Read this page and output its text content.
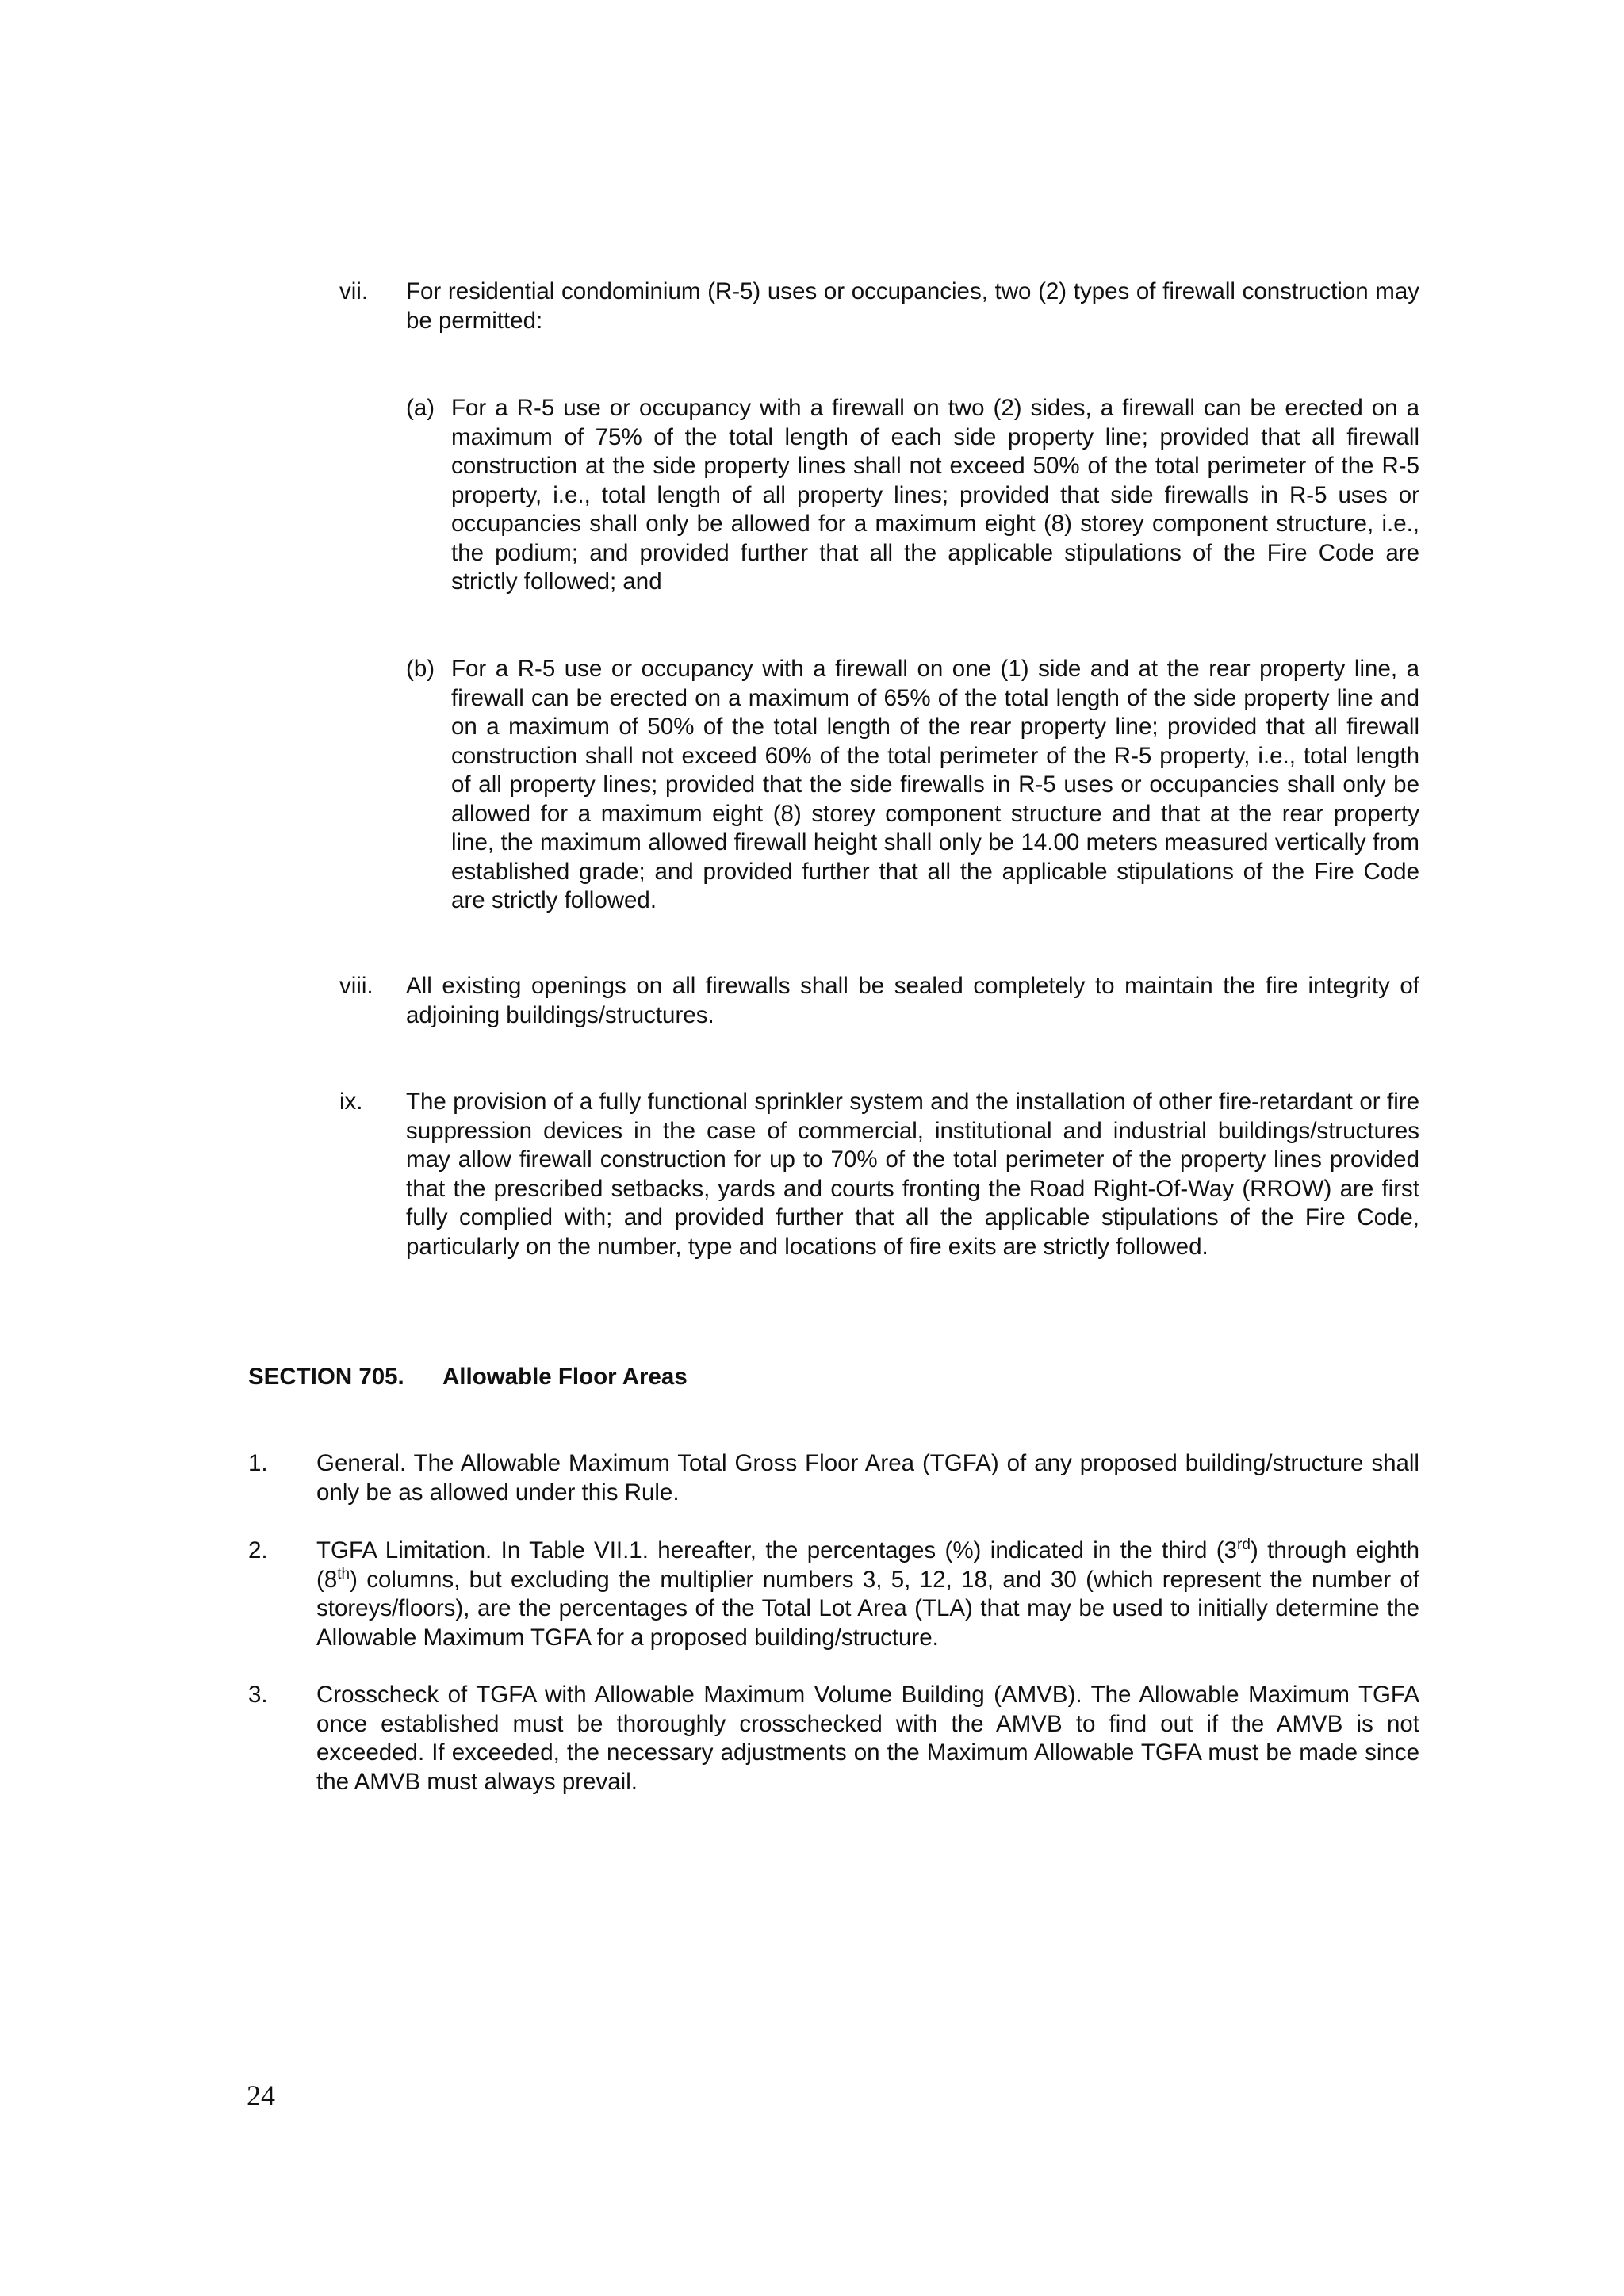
vii. For residential condominium (R-5) uses or occupancies, two (2) types of firewall construction may be permitted:
(a) For a R-5 use or occupancy with a firewall on two (2) sides, a firewall can be erected on a maximum of 75% of the total length of each side property line; provided that all firewall construction at the side property lines shall not exceed 50% of the total perimeter of the R-5 property, i.e., total length of all property lines; provided that side firewalls in R-5 uses or occupancies shall only be allowed for a maximum eight (8) storey component structure, i.e., the podium; and provided further that all the applicable stipulations of the Fire Code are strictly followed; and
(b) For a R-5 use or occupancy with a firewall on one (1) side and at the rear property line, a firewall can be erected on a maximum of 65% of the total length of the side property line and on a maximum of 50% of the total length of the rear property line; provided that all firewall construction shall not exceed 60% of the total perimeter of the R-5 property, i.e., total length of all property lines; provided that the side firewalls in R-5 uses or occupancies shall only be allowed for a maximum eight (8) storey component structure and that at the rear property line, the maximum allowed firewall height shall only be 14.00 meters measured vertically from established grade; and provided further that all the applicable stipulations of the Fire Code are strictly followed.
viii. All existing openings on all firewalls shall be sealed completely to maintain the fire integrity of adjoining buildings/structures.
ix. The provision of a fully functional sprinkler system and the installation of other fire-retardant or fire suppression devices in the case of commercial, institutional and industrial buildings/structures may allow firewall construction for up to 70% of the total perimeter of the property lines provided that the prescribed setbacks, yards and courts fronting the Road Right-Of-Way (RROW) are first fully complied with; and provided further that all the applicable stipulations of the Fire Code, particularly on the number, type and locations of fire exits are strictly followed.
SECTION 705. Allowable Floor Areas
1. General. The Allowable Maximum Total Gross Floor Area (TGFA) of any proposed building/structure shall only be as allowed under this Rule.
2. TGFA Limitation. In Table VII.1. hereafter, the percentages (%) indicated in the third (3rd) through eighth (8th) columns, but excluding the multiplier numbers 3, 5, 12, 18, and 30 (which represent the number of storeys/floors), are the percentages of the Total Lot Area (TLA) that may be used to initially determine the Allowable Maximum TGFA for a proposed building/structure.
3. Crosscheck of TGFA with Allowable Maximum Volume Building (AMVB). The Allowable Maximum TGFA once established must be thoroughly crosschecked with the AMVB to find out if the AMVB is not exceeded. If exceeded, the necessary adjustments on the Maximum Allowable TGFA must be made since the AMVB must always prevail.
24
